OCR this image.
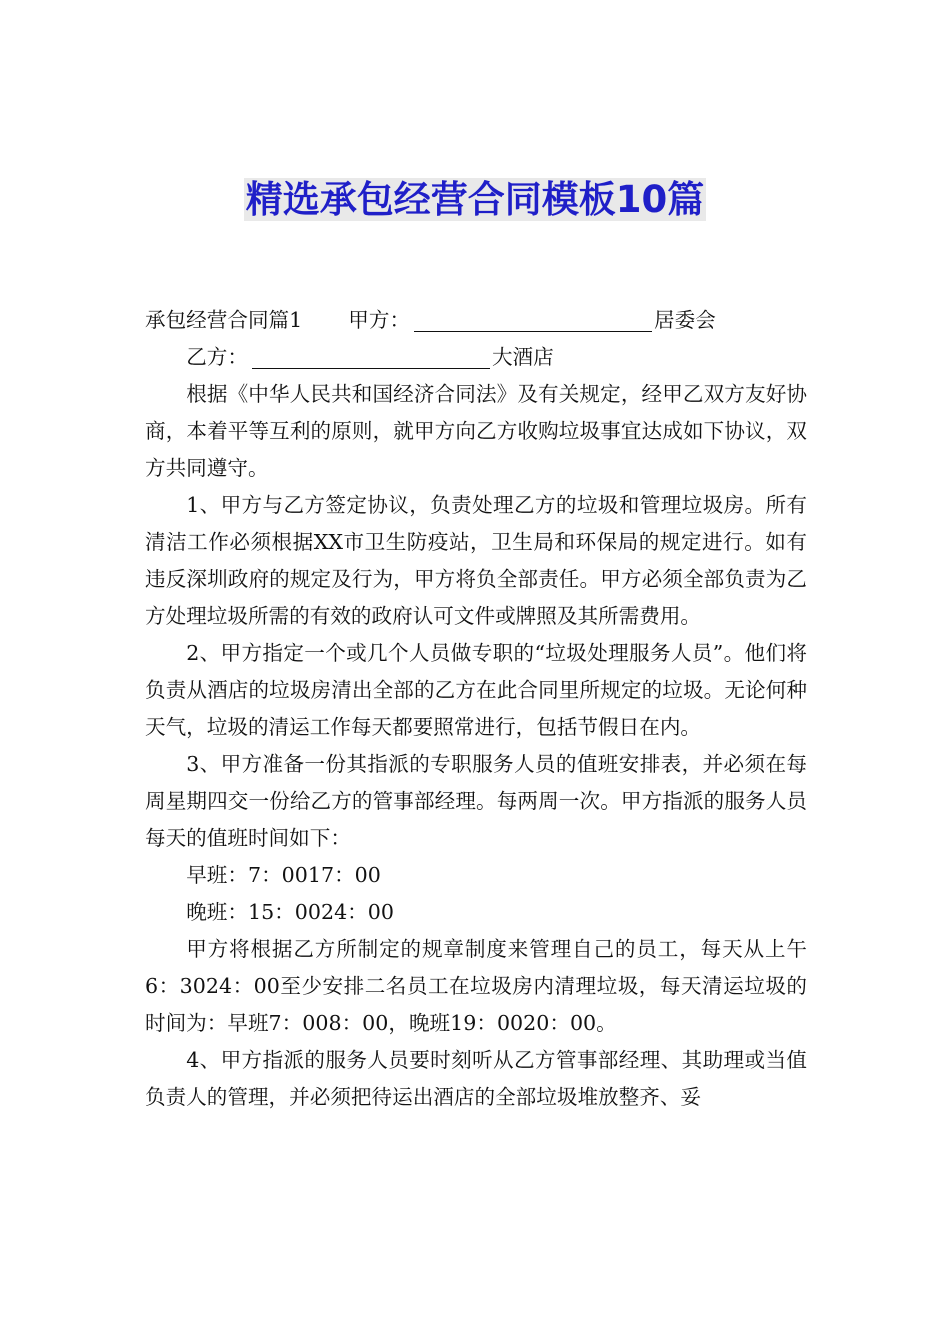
精选承包经营合同模板10篇

承包经营合同篇1 甲方：	居委会

乙方：	大酒店

根据《中华人民共和国经济合同法》及有关规定，经甲乙双方友好协商，本着平等互利的原则，就甲方向乙方收购垃圾事宜达成如下协议，双方共同遵守。

1、甲方与乙方签定协议，负责处理乙方的垃圾和管理垃圾房。所有清洁工作必须根据XX市卫生防疫站，卫生局和环保局的规定进行。如有违反深圳政府的规定及行为，甲方将负全部责任。甲方必须全部负责为乙方处理垃圾所需的有效的政府认可文件或牌照及其所需费用。

2、甲方指定一个或几个人员做专职的“垃圾处理服务人员”。他们将负责从酒店的垃圾房清出全部的乙方在此合同里所规定的垃圾。无论何种天气，垃圾的清运工作每天都要照常进行，包括节假日在内。

3、甲方准备一份其指派的专职服务人员的值班安排表，并必须在每周星期四交一份给乙方的管事部经理。每两周一次。甲方指派的服务人员每天的值班时间如下：

早班：7：0017：00

晚班：15：0024：00

甲方将根据乙方所制定的规章制度来管理自己的员工，每天从上午6：3024：00至少安排二名员工在垃圾房内清理垃圾，每天清运垃圾的时间为：早班7：008：00，晚班19：0020：00。

4、甲方指派的服务人员要时刻听从乙方管事部经理、其助理或当值负责人的管理，并必须把待运出酒店的全部垃圾堆放整齐、妥
